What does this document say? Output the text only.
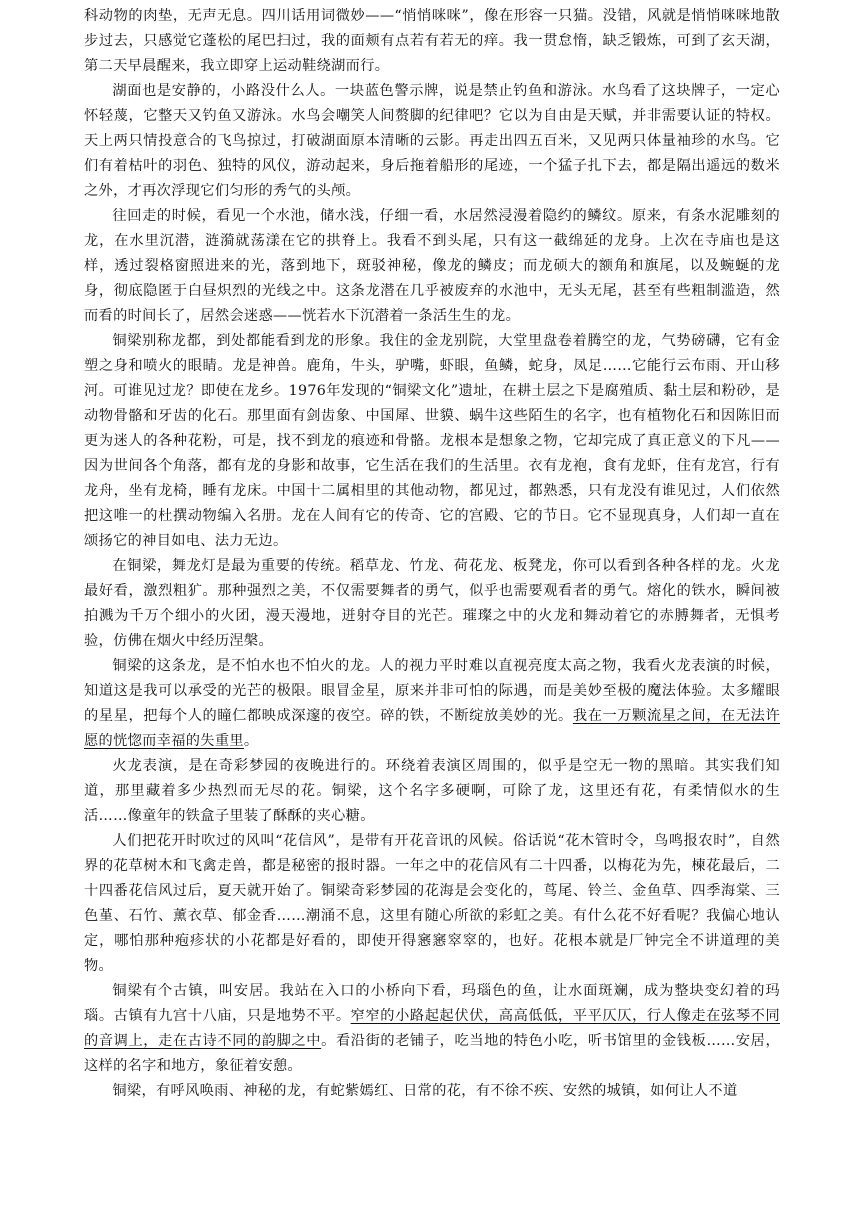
科动物的肉垫，无声无息。四川话用词微妙——“悄悄咪咪”，像在形容一只猫。没错，风就是悄悄咪咪地散步过去，只感觉它蓬松的尾巴扫过，我的面颊有点若有若无的痒。我一贯怠惰，缺乏锻炼，可到了玄天湖，第二天早晨醒来，我立即穿上运动鞋绕湖而行。

湖面也是安静的，小路没什么人。一块蓝色警示牌，说是禁止钓鱼和游泳。水鸟看了这块牌子，一定心怀轻蔑，它整天又钓鱼又游泳。水鸟会嘲笑人间赘脚的纪律吧？它以为自由是天赋，并非需要认证的特权。天上两只情投意合的飞鸟掠过，打破湖面原本清晰的云影。再走出四五百米，又见两只体量袖珍的水鸟。它们有着枯叶的羽色、独特的风仪，游动起来，身后拖着船形的尾迹，一个猛子扎下去，都是隔出遥远的数米之外，才再次浮现它们匀形的秀气的头颅。

往回走的时候，看见一个水池，储水浅，仔细一看，水居然浸漫着隐约的鳞纹。原来，有条水泥雕刻的龙，在水里沉潜，涟漪就荡漾在它的拱脊上。我看不到头尾，只有这一截绵延的龙身。上次在寺庙也是这样，透过裂格窗照进来的光，落到地下，斑驳神秘，像龙的鳞皮；而龙硕大的额角和旗尾，以及蜿蜒的龙身，彻底隐匿于白昼炽烈的光线之中。这条龙潜在几乎被废弃的水池中，无头无尾，甚至有些粗制滥造，然而看的时间长了，居然会迷惑——恍若水下沉潜着一条活生生的龙。

铜梁别称龙都，到处都能看到龙的形象。我住的金龙别院，大堂里盘卷着腾空的龙，气势磅礴，它有金塑之身和喷火的眼睛。龙是神兽。鹿角，牛头，驴嘴，虾眼，鱼鳞，蛇身，凤足……它能行云布雨、开山移河。可谁见过龙？即使在龙乡。1976年发现的“铜梁文化”遗址，在耕土层之下是腐殖质、黏土层和粉砂，是动物骨骼和牙齿的化石。那里面有剑齿象、中国犀、世貘、蜗牛这些陌生的名字，也有植物化石和因陈旧而更为迷人的各种花粉，可是，找不到龙的痕迹和骨骼。龙根本是想象之物，它却完成了真正意义的下凡——因为世间各个角落，都有龙的身影和故事，它生活在我们的生活里。衣有龙袍，食有龙虾，住有龙宫，行有龙舟，坐有龙椅，睡有龙床。中国十二属相里的其他动物，都见过，都熟悉，只有龙没有谁见过，人们依然把这唯一的杜撰动物编入名册。龙在人间有它的传奇、它的宫殿、它的节日。它不显现真身，人们却一直在颂扬它的神目如电、法力无边。

在铜梁，舞龙灯是最为重要的传统。稻草龙、竹龙、荷花龙、板凳龙，你可以看到各种各样的龙。火龙最好看，激烈粗犷。那种强烈之美，不仅需要舞者的勇气，似乎也需要观看者的勇气。熔化的铁水，瞬间被拍溅为千万个细小的火团，漫天漫地，迸射夺目的光芒。璀璨之中的火龙和舞动着它的赤膊舞者，无惧考验，仿佛在烟火中经历涅槃。

铜梁的这条龙，是不怕水也不怕火的龙。人的视力平时难以直视亮度太高之物，我看火龙表演的时候，知道这是我可以承受的光芒的极限。眼冒金星，原来并非可怕的际遇，而是美妙至极的魔法体验。太多耀眼的星星，把每个人的瞳仁都映成深邃的夜空。碎的铁，不断绽放美妙的光。我在一万颗流星之间，在无法许愿的恍惚而幸福的失重里。

火龙表演，是在奇彩梦园的夜晚进行的。环绕着表演区周围的，似乎是空无一物的黑暗。其实我们知道，那里藏着多少热烈而无尽的花。铜梁，这个名字多硬啊，可除了龙，这里还有花，有柔情似水的生活……像童年的铁盒子里装了酥酥的夹心糖。

人们把花开时吹过的风叫“花信风”，是带有开花音讯的风候。俗话说“花木管时令，鸟鸣报农时”，自然界的花草树木和飞禽走兽，都是秘密的报时器。一年之中的花信风有二十四番，以梅花为先，楝花最后，二十四番花信风过后，夏天就开始了。铜梁奇彩梦园的花海是会变化的，茑尾、铃兰、金鱼草、四季海棠、三色堇、石竹、薰衣草、郁金香……潮涌不息，这里有随心所欲的彩虹之美。有什么花不好看呢？我偏心地认定，哪怕那种疱疹状的小花都是好看的，即使开得窸窸窣窣的，也好。花根本就是厂钟完全不讲道理的美物。

铜梁有个古镇，叫安居。我站在入口的小桥向下看，玛瑙色的鱼，让水面斑斓，成为整块变幻着的玛瑙。古镇有九宫十八庙，只是地势不平。窄窄的小路起起伏伏，高高低低，平平仄仄，行人像走在弦琴不同的音调上，走在古诗不同的韵脚之中。看沿街的老铺子，吃当地的特色小吃，听书馆里的金钱板……安居，这样的名字和地方，象征着安憩。

铜梁，有呼风唤雨、神秘的龙，有蛇紫嫣红、日常的花，有不徐不疾、安然的城镇，如何让人不道
